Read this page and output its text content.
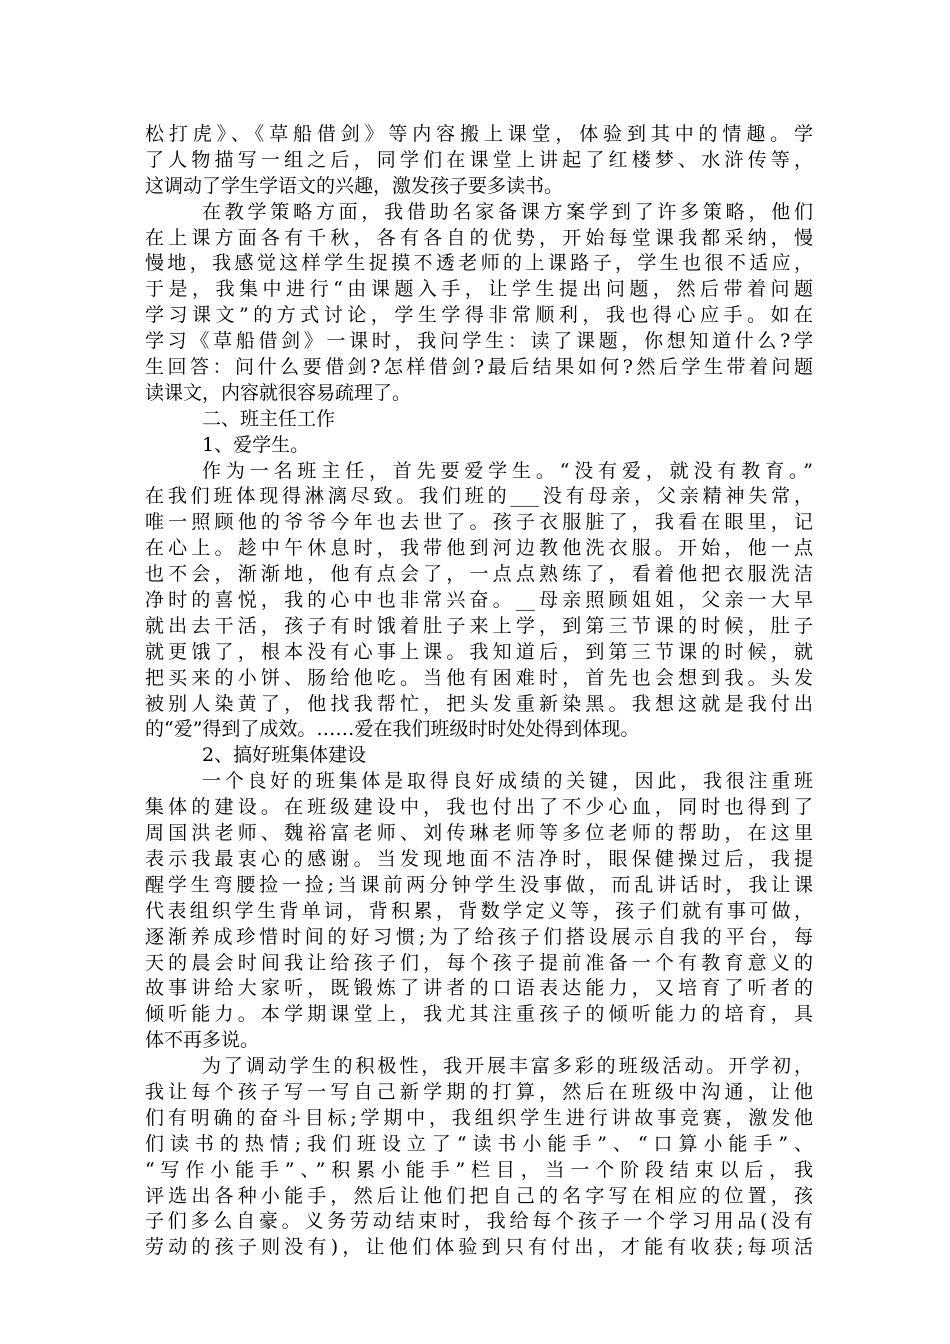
松打虎》、《草船借剑》等内容搬上课堂，体验到其中的情趣。学
了人物描写一组之后，同学们在课堂上讲起了红楼梦、水浒传等，
这调动了学生学语文的兴趣，激发孩子要多读书。
在教学策略方面，我借助名家备课方案学到了许多策略，他们
在上课方面各有千秋，各有各自的优势，开始每堂课我都采纳，慢
慢地，我感觉这样学生捉摸不透老师的上课路子，学生也很不适应，
于是，我集中进行“由课题入手，让学生提出问题，然后带着问题
学习课文”的方式讨论，学生学得非常顺利，我也得心应手。如在
学习《草船借剑》一课时，我问学生：读了课题，你想知道什么?学
生回答：问什么要借剑?怎样借剑?最后结果如何?然后学生带着问题
读课文，内容就很容易疏理了。
二、班主任工作
1、爱学生。
作为一名班主任，首先要爱学生。“没有爱，就没有教育。”
在我们班体现得淋漓尽致。我们班的___没有母亲，父亲精神失常，
唯一照顾他的爷爷今年也去世了。孩子衣服脏了，我看在眼里，记
在心上。趁中午休息时，我带他到河边教他洗衣服。开始，他一点
也不会，渐渐地，他有点会了，一点点熟练了，看着他把衣服洗洁
净时的喜悦，我的心中也非常兴奋。__母亲照顾姐姐，父亲一大早
就出去干活，孩子有时饿着肚子来上学，到第三节课的时候，肚子
就更饿了，根本没有心事上课。我知道后，到第三节课的时候，就
把买来的小饼、肠给他吃。当他有困难时，首先也会想到我。头发
被别人染黄了，他找我帮忙，把头发重新染黑。我想这就是我付出
的“爱”得到了成效。……爱在我们班级时时处处得到体现。
2、搞好班集体建设
一个良好的班集体是取得良好成绩的关键，因此，我很注重班
集体的建设。在班级建设中，我也付出了不少心血，同时也得到了
周国洪老师、魏裕富老师、刘传琳老师等多位老师的帮助，在这里
表示我最衷心的感谢。当发现地面不洁净时，眼保健操过后，我提
醒学生弯腰捡一捡;当课前两分钟学生没事做，而乱讲话时，我让课
代表组织学生背单词，背积累，背数学定义等，孩子们就有事可做，
逐渐养成珍惜时间的好习惯;为了给孩子们搭设展示自我的平台，每
天的晨会时间我让给孩子们，每个孩子提前准备一个有教育意义的
故事讲给大家听，既锻炼了讲者的口语表达能力，又培育了听者的
倾听能力。本学期课堂上，我尤其注重孩子的倾听能力的培育，具
体不再多说。
为了调动学生的积极性，我开展丰富多彩的班级活动。开学初，
我让每个孩子写一写自己新学期的打算，然后在班级中沟通，让他
们有明确的奋斗目标;学期中，我组织学生进行讲故事竞赛，激发他
们读书的热情;我们班设立了“读书小能手”、“口算小能手”、
“写作小能手”、”积累小能手”栏目，当一个阶段结束以后，我
评选出各种小能手，然后让他们把自己的名字写在相应的位置，孩
子们多么自豪。义务劳动结束时，我给每个孩子一个学习用品(没有
劳动的孩子则没有)，让他们体验到只有付出，才能有收获;每项活
